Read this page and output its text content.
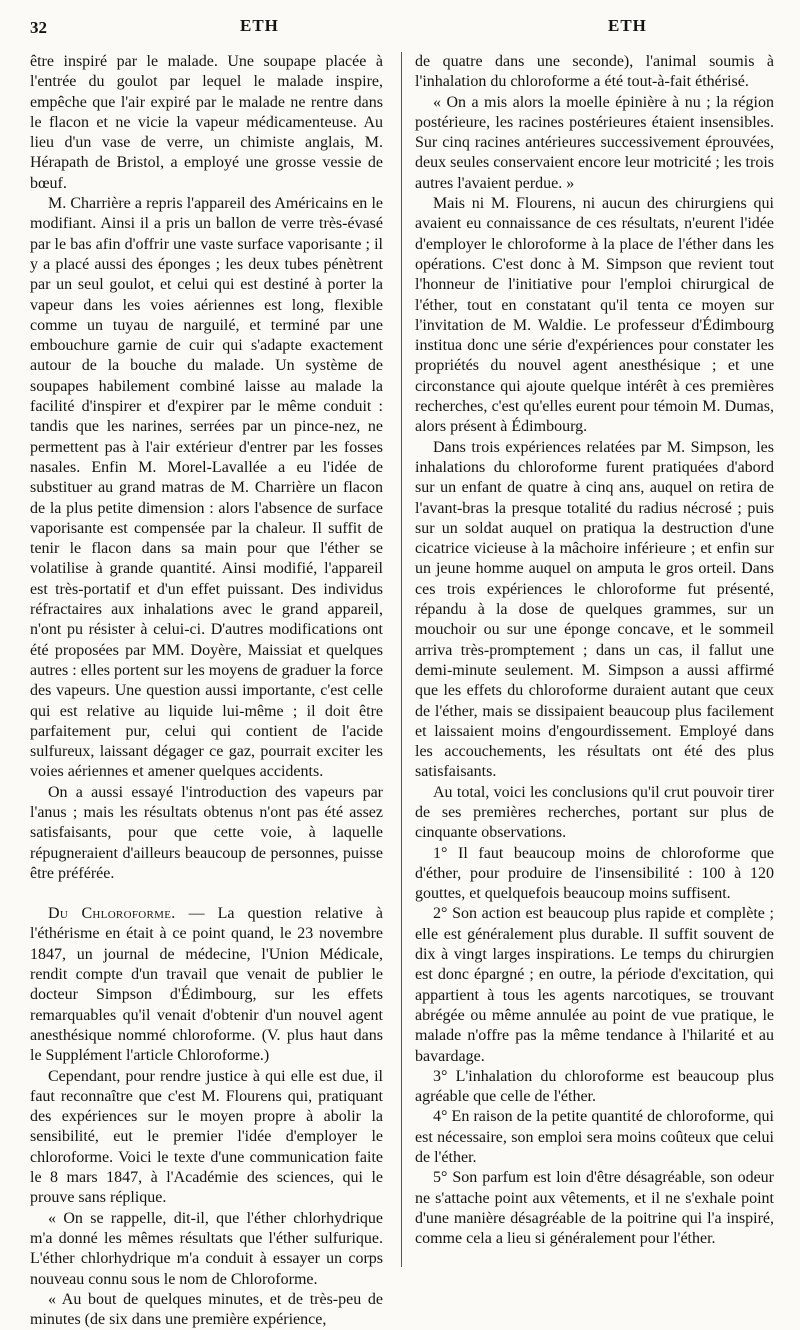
32	ETH	ETH

être inspiré par le malade. Une soupape placée à l'entrée du goulot par lequel le malade inspire, empêche que l'air expiré par le malade ne rentre dans le flacon et ne vicie la vapeur médicamenteuse. Au lieu d'un vase de verre, un chimiste anglais, M. Hérapath de Bristol, a employé une grosse vessie de bœuf.

M. Charrière a repris l'appareil des Américains en le modifiant. Ainsi il a pris un ballon de verre très-évasé par le bas afin d'offrir une vaste surface vaporisante ; il y a placé aussi des éponges ; les deux tubes pénètrent par un seul goulot, et celui qui est destiné à porter la vapeur dans les voies aériennes est long, flexible comme un tuyau de narguilé, et terminé par une embouchure garnie de cuir qui s'adapte exactement autour de la bouche du malade. Un système de soupapes habilement combiné laisse au malade la facilité d'inspirer et d'expirer par le même conduit : tandis que les narines, serrées par un pince-nez, ne permettent pas à l'air extérieur d'entrer par les fosses nasales. Enfin M. Morel-Lavallée a eu l'idée de substituer au grand matras de M. Charrière un flacon de la plus petite dimension : alors l'absence de surface vaporisante est compensée par la chaleur. Il suffit de tenir le flacon dans sa main pour que l'éther se volatilise à grande quantité. Ainsi modifié, l'appareil est très-portatif et d'un effet puissant. Des individus réfractaires aux inhalations avec le grand appareil, n'ont pu résister à celui-ci. D'autres modifications ont été proposées par MM. Doyère, Maissiat et quelques autres : elles portent sur les moyens de graduer la force des vapeurs. Une question aussi importante, c'est celle qui est relative au liquide lui-même ; il doit être parfaitement pur, celui qui contient de l'acide sulfureux, laissant dégager ce gaz, pourrait exciter les voies aériennes et amener quelques accidents.

On a aussi essayé l'introduction des vapeurs par l'anus ; mais les résultats obtenus n'ont pas été assez satisfaisants, pour que cette voie, à laquelle répugneraient d'ailleurs beaucoup de personnes, puisse être préférée.

Du Chloroforme. — La question relative à l'éthérisme en était à ce point quand, le 23 novembre 1847, un journal de médecine, l'Union Médicale, rendit compte d'un travail que venait de publier le docteur Simpson d'Édimbourg, sur les effets remarquables qu'il venait d'obtenir d'un nouvel agent anesthésique nommé chloroforme. (V. plus haut dans le Supplément l'article Chloroforme.)

Cependant, pour rendre justice à qui elle est due, il faut reconnaître que c'est M. Flourens qui, pratiquant des expériences sur le moyen propre à abolir la sensibilité, eut le premier l'idée d'employer le chloroforme. Voici le texte d'une communication faite le 8 mars 1847, à l'Académie des sciences, qui le prouve sans réplique.

« On se rappelle, dit-il, que l'éther chlorhydrique m'a donné les mêmes résultats que l'éther sulfurique. L'éther chlorhydrique m'a conduit à essayer un corps nouveau connu sous le nom de Chloroforme.

« Au bout de quelques minutes, et de très-peu de minutes (de six dans une première expérience,

de quatre dans une seconde), l'animal soumis à l'inhalation du chloroforme a été tout-à-fait éthérisé.

« On a mis alors la moelle épinière à nu ; la région postérieure, les racines postérieures étaient insensibles. Sur cinq racines antérieures successivement éprouvées, deux seules conservaient encore leur motricité ; les trois autres l'avaient perdue. »

Mais ni M. Flourens, ni aucun des chirurgiens qui avaient eu connaissance de ces résultats, n'eurent l'idée d'employer le chloroforme à la place de l'éther dans les opérations. C'est donc à M. Simpson que revient tout l'honneur de l'initiative pour l'emploi chirurgical de l'éther, tout en constatant qu'il tenta ce moyen sur l'invitation de M. Waldie. Le professeur d'Édimbourg institua donc une série d'expériences pour constater les propriétés du nouvel agent anesthésique ; et une circonstance qui ajoute quelque intérêt à ces premières recherches, c'est qu'elles eurent pour témoin M. Dumas, alors présent à Édimbourg.

Dans trois expériences relatées par M. Simpson, les inhalations du chloroforme furent pratiquées d'abord sur un enfant de quatre à cinq ans, auquel on retira de l'avant-bras la presque totalité du radius nécrosé ; puis sur un soldat auquel on pratiqua la destruction d'une cicatrice vicieuse à la mâchoire inférieure ; et enfin sur un jeune homme auquel on amputa le gros orteil. Dans ces trois expériences le chloroforme fut présenté, répandu à la dose de quelques grammes, sur un mouchoir ou sur une éponge concave, et le sommeil arriva très-promptement ; dans un cas, il fallut une demi-minute seulement. M. Simpson a aussi affirmé que les effets du chloroforme duraient autant que ceux de l'éther, mais se dissipaient beaucoup plus facilement et laissaient moins d'engourdissement. Employé dans les accouchements, les résultats ont été des plus satisfaisants.

Au total, voici les conclusions qu'il crut pouvoir tirer de ses premières recherches, portant sur plus de cinquante observations.

1° Il faut beaucoup moins de chloroforme que d'éther, pour produire de l'insensibilité : 100 à 120 gouttes, et quelquefois beaucoup moins suffisent.

2° Son action est beaucoup plus rapide et complète ; elle est généralement plus durable. Il suffit souvent de dix à vingt larges inspirations. Le temps du chirurgien est donc épargné ; en outre, la période d'excitation, qui appartient à tous les agents narcotiques, se trouvant abrégée ou même annulée au point de vue pratique, le malade n'offre pas la même tendance à l'hilarité et au bavardage.

3° L'inhalation du chloroforme est beaucoup plus agréable que celle de l'éther.

4° En raison de la petite quantité de chloroforme, qui est nécessaire, son emploi sera moins coûteux que celui de l'éther.

5° Son parfum est loin d'être désagréable, son odeur ne s'attache point aux vêtements, et il ne s'exhale point d'une manière désagréable de la poitrine qui l'a inspiré, comme cela a lieu si généralement pour l'éther.
